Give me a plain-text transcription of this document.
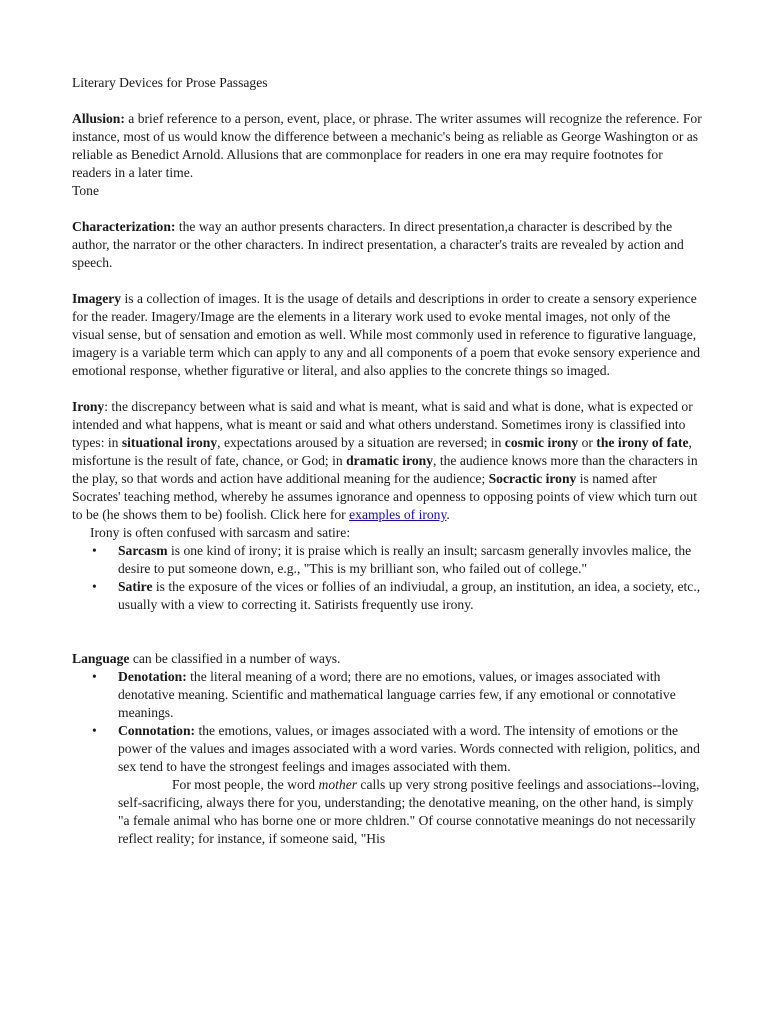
Literary Devices for Prose Passages

Allusion: a brief reference to a person, event, place, or phrase. The writer assumes will recognize the reference. For instance, most of us would know the difference between a mechanic's being as reliable as George Washington or as reliable as Benedict Arnold. Allusions that are commonplace for readers in one era may require footnotes for readers in a later time.

Tone

Characterization: the way an author presents characters. In direct presentation,a character is described by the author, the narrator or the other characters. In indirect presentation, a character's traits are revealed by action and speech.

Imagery is a collection of images. It is the usage of details and descriptions in order to create a sensory experience for the reader. Imagery/Image are the elements in a literary work used to evoke mental images, not only of the visual sense, but of sensation and emotion as well. While most commonly used in reference to figurative language, imagery is a variable term which can apply to any and all components of a poem that evoke sensory experience and emotional response, whether figurative or literal, and also applies to the concrete things so imaged.

Irony: the discrepancy between what is said and what is meant, what is said and what is done, what is expected or intended and what happens, what is meant or said and what others understand. Sometimes irony is classified into types: in situational irony, expectations aroused by a situation are reversed; in cosmic irony or the irony of fate, misfortune is the result of fate, chance, or God; in dramatic irony, the audience knows more than the characters in the play, so that words and action have additional meaning for the audience; Socractic irony is named after Socrates' teaching method, whereby he assumes ignorance and openness to opposing points of view which turn out to be (he shows them to be) foolish. Click here for examples of irony.

Irony is often confused with sarcasm and satire:

• Sarcasm is one kind of irony; it is praise which is really an insult; sarcasm generally invovles malice, the desire to put someone down, e.g., "This is my brilliant son, who failed out of college."
• Satire is the exposure of the vices or follies of an indiviudal, a group, an institution, an idea, a society, etc., usually with a view to correcting it. Satirists frequently use irony.

Language can be classified in a number of ways.

• Denotation: the literal meaning of a word; there are no emotions, values, or images associated with denotative meaning. Scientific and mathematical language carries few, if any emotional or connotative meanings.
• Connotation: the emotions, values, or images associated with a word. The intensity of emotions or the power of the values and images associated with a word varies. Words connected with religion, politics, and sex tend to have the strongest feelings and images associated with them.

For most people, the word mother calls up very strong positive feelings and associations--loving, self-sacrificing, always there for you, understanding; the denotative meaning, on the other hand, is simply "a female animal who has borne one or more chldren." Of course connotative meanings do not necessarily reflect reality; for instance, if someone said, "His
